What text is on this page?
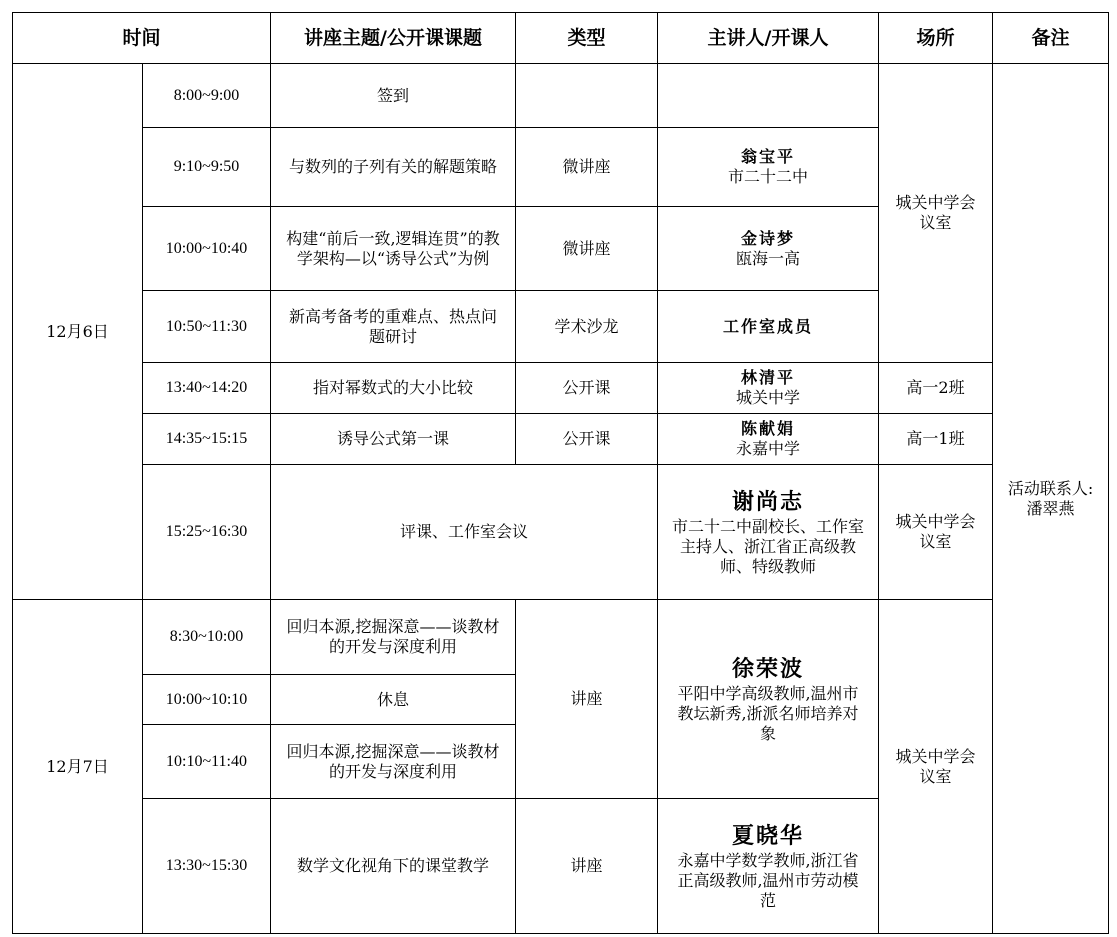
时间		讲座主题/公开课课题	类型	主讲人/开课人	场所	备注
12月6日	8:00~9:00	签到			城关中学会议室	活动联系人:潘翠燕
	9:10~9:50	与数列的子列有关的解题策略	微讲座	翁宝平
市二十二中		
	10:00~10:40	构建“前后一致,逻辑连贯”的教学架构—以“诱导公式”为例	微讲座	金诗梦
瓯海一高		
	10:50~11:30	新高考备考的重难点、热点问题研讨	学术沙龙	工作室成员		

	13:40~14:20	指对幂数式的大小比较	公开课	林清平
城关中学	高一2班	
	14:35~15:15	诱导公式第一课	公开课	陈献娟
永嘉中学	高一1班	
	15:25~16:30	评课、工作室会议		谢尚志
市二十二中副校长、工作室主持人、浙江省正高级教师、特级教师	城关中学会议室	
12月7日	8:30~10:00	回归本源,挖掘深意——谈教材的开发与深度利用	讲座	徐荣波
平阳中学高级教师,温州市教坛新秀,浙派名师培养对象	城关中学会议室	
	10:00~10:10	休息				
	10:10~11:40	回归本源,挖掘深意——谈教材的开发与深度利用				
	13:30~15:30	数学文化视角下的课堂教学	讲座	夏晓华
永嘉中学数学教师,浙江省正高级教师,温州市劳动模范		
